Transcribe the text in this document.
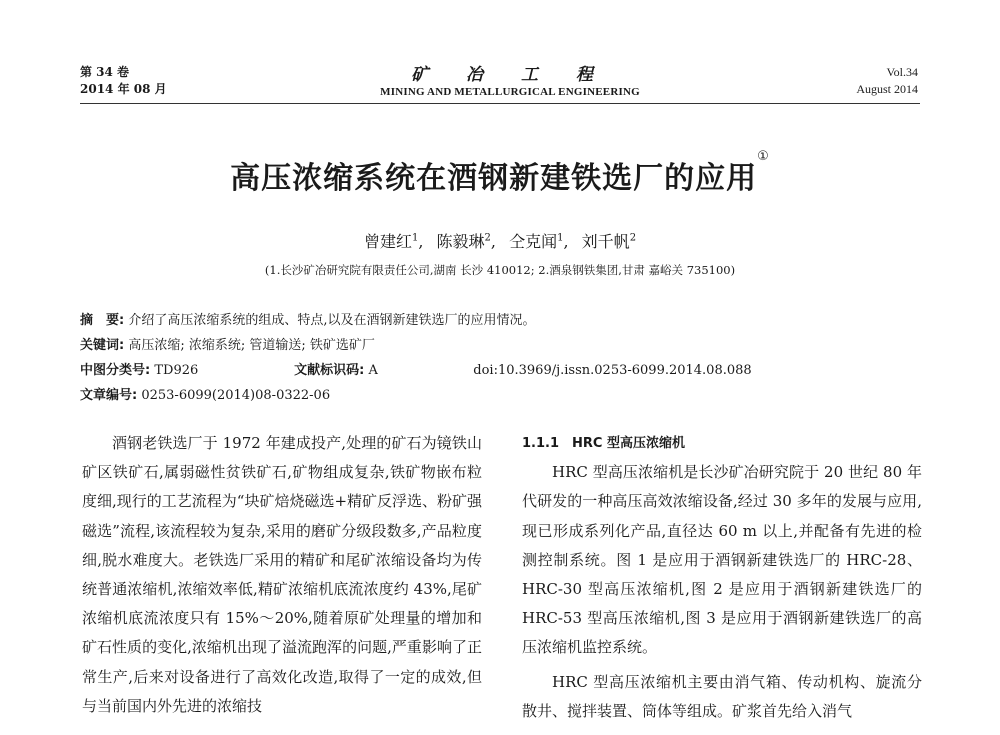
第 34 卷
2014 年 08 月
矿 冶 工 程
MINING AND METALLURGICAL ENGINEERING
Vol.34
August 2014
高压浓缩系统在酒钢新建铁选厂的应用①
曾建红$^1$, 陈毅琳$^2$, 仝克闻$^1$, 刘千帆$^2$
(1.长沙矿冶研究院有限责任公司,湖南 长沙 410012; 2.酒泉钢铁集团,甘肃 嘉峪关 735100)
摘　要: 介绍了高压浓缩系统的组成、特点,以及在酒钢新建铁选厂的应用情况。
关键词: 高压浓缩; 浓缩系统; 管道输送; 铁矿选矿厂
中图分类号: TD926	文献标识码: A	doi:10.3969/j.issn.0253-6099.2014.08.088
文章编号: 0253-6099(2014)08-0322-06

酒钢老铁选厂于 1972 年建成投产,处理的矿石为镜铁山矿区铁矿石,属弱磁性贫铁矿石,矿物组成复杂,铁矿物嵌布粒度细,现行的工艺流程为“块矿焙烧磁选+精矿反浮选、粉矿强磁选”流程,该流程较为复杂,采用的磨矿分级段数多,产品粒度细,脱水难度大。老铁选厂采用的精矿和尾矿浓缩设备均为传统普通浓缩机,浓缩效率低,精矿浓缩机底流浓度约 43%,尾矿浓缩机底流浓度只有 15%～20%,随着原矿处理量的增加和矿石性质的变化,浓缩机出现了溢流跑浑的问题,严重影响了正常生产,后来对设备进行了高效化改造,取得了一定的成效,但与当前国内外先进的浓缩技

1.1.1　HRC 型高压浓缩机

HRC 型高压浓缩机是长沙矿冶研究院于 20 世纪 80 年代研发的一种高压高效浓缩设备,经过 30 多年的发展与应用,现已形成系列化产品,直径达 60 m 以上,并配备有先进的检测控制系统。图 1 是应用于酒钢新建铁选厂的 HRC-28、HRC-30 型高压浓缩机,图 2 是应用于酒钢新建铁选厂的 HRC-53 型高压浓缩机,图 3 是应用于酒钢新建铁选厂的高压浓缩机监控系统。

HRC 型高压浓缩机主要由消气箱、传动机构、旋流分散井、搅拌装置、筒体等组成。矿浆首先给入消气
